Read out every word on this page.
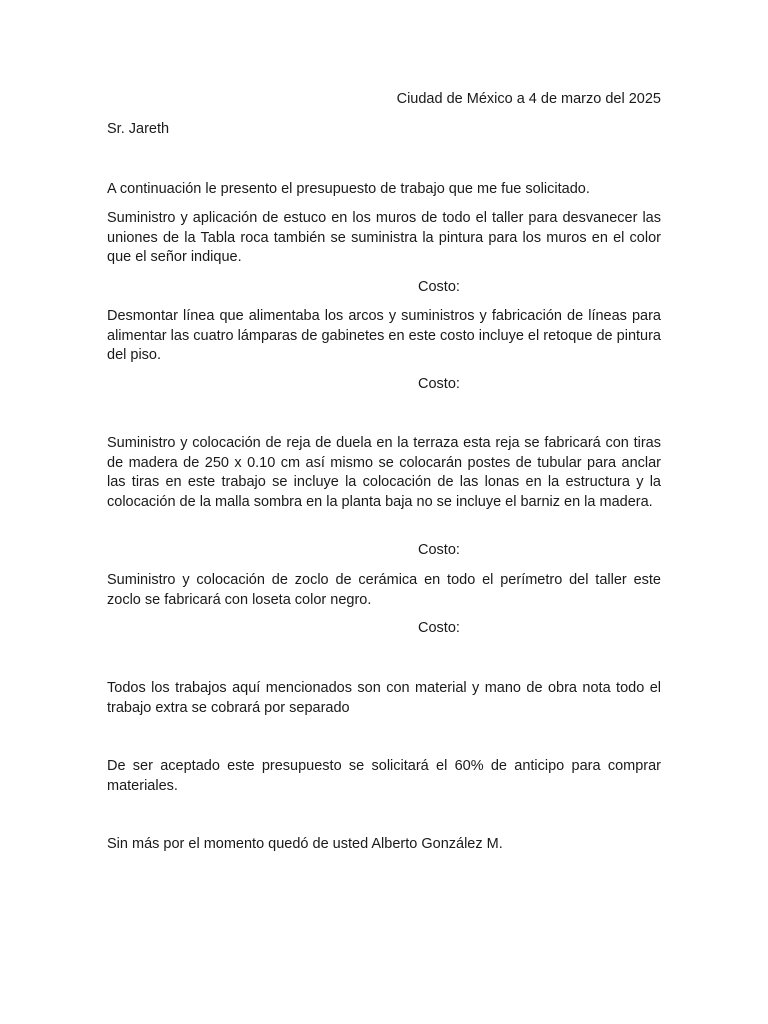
Ciudad de México a 4 de marzo del 2025

Sr. Jareth

A continuación le presento el presupuesto de trabajo que me fue solicitado.

Suministro y aplicación de estuco en los muros de todo el taller para desvanecer las uniones de la Tabla roca también se suministra la pintura para los muros en el color que el señor indique.

Costo:

Desmontar línea que alimentaba los arcos y suministros y fabricación de líneas para alimentar las cuatro lámparas de gabinetes en este costo incluye el retoque de pintura del piso.

Costo:

Suministro y colocación de reja de duela en la terraza esta reja se fabricará con tiras de madera de 250 x 0.10 cm así mismo se colocarán postes de tubular para anclar las tiras en este trabajo se incluye la colocación de las lonas en la estructura y la colocación de la malla sombra en la planta baja no se incluye el barniz en la madera.

Costo:

Suministro y colocación de zoclo de cerámica en todo el perímetro del taller este zoclo se fabricará con loseta color negro.

Costo:

Todos los trabajos aquí mencionados son con material y mano de obra nota todo el trabajo extra se cobrará por separado

De ser aceptado este presupuesto se solicitará el 60% de anticipo para comprar materiales.

Sin más por el momento quedó de usted Alberto González M.
